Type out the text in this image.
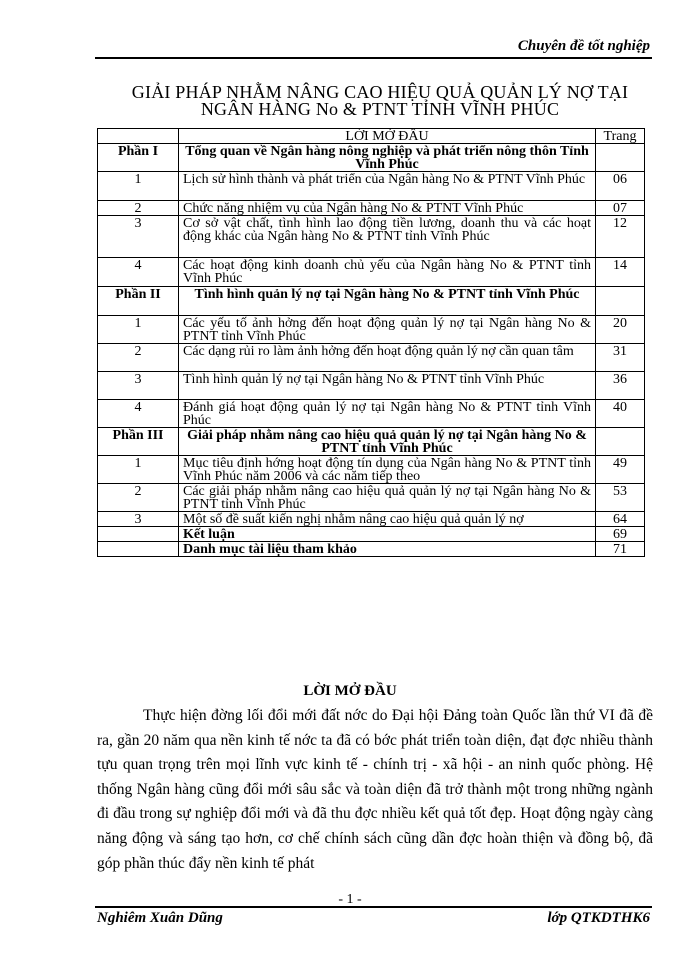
Chuyên đề tốt nghiệp
GIẢI PHÁP NHẰM NÂNG CAO HIỆU QUẢ QUẢN LÝ NỢ TẠI
NGÂN HÀNG No & PTNT TỈNH VĨNH PHÚC
	LỜI MỞ ĐẦU	Trang
Phần I	Tổng quan về Ngân hàng nông nghiệp và phát triển nông thôn Tỉnh Vĩnh Phúc	
1	Lịch sử hình thành và phát triển của Ngân hàng No & PTNT Vĩnh Phúc	06
2	Chức năng nhiệm vụ của Ngân hàng No & PTNT Vĩnh Phúc	07
3	Cơ sở vật chất, tình hình lao động tiền lương, doanh thu và các hoạt động khác của Ngân hàng No & PTNT tỉnh Vĩnh Phúc	12
4	Các hoạt động kinh doanh chủ yếu của Ngân hàng No & PTNT tỉnh Vĩnh Phúc	14
Phần II	Tình hình quản lý nợ tại Ngân hàng No & PTNT tỉnh Vĩnh Phúc	
1	Các yếu tố ảnh hởng đến hoạt động quản lý nợ tại Ngân hàng No & PTNT tỉnh Vĩnh Phúc	20
2	Các dạng rủi ro làm ảnh hởng đến hoạt động quản lý nợ cần quan tâm	31
3	Tình hình quản lý nợ tại Ngân hàng No & PTNT tỉnh Vĩnh Phúc	36
4	Đánh giá hoạt động quản lý nợ tại Ngân hàng No & PTNT tỉnh Vĩnh Phúc	40
Phần III	Giải pháp nhằm nâng cao hiệu quả quản lý nợ tại Ngân hàng No & PTNT tỉnh Vĩnh Phúc	
1	Mục tiêu định hớng hoạt động tín dụng của Ngân hàng No & PTNT tỉnh Vĩnh Phúc năm 2006 và các năm tiếp theo	49
2	Các giải pháp nhằm nâng cao hiệu quả quản lý nợ tại Ngân hàng No & PTNT tỉnh Vĩnh Phúc	53
3	Một số đề suất kiến nghị nhằm nâng cao hiệu quả quản lý nợ	64
	Kết luận	69
	Danh mục tài liệu tham khảo	71
LỜI MỞ ĐẦU

Thực hiện đờng lối đổi mới đất nớc do Đại hội Đảng toàn Quốc lần thứ VI đã đề ra, gần 20 năm qua nền kinh tế nớc ta đã có bớc phát triển toàn diện, đạt đợc nhiều thành tựu quan trọng trên mọi lĩnh vực kinh tế - chính trị - xã hội - an ninh quốc phòng. Hệ thống Ngân hàng cũng đổi mới sâu sắc và toàn diện đã trở thành một trong những ngành đi đầu trong sự nghiệp đổi mới và đã thu đợc nhiều kết quả tốt đẹp. Hoạt động ngày càng năng động và sáng tạo hơn, cơ chế chính sách cũng dần đợc hoàn thiện và đồng bộ, đã góp phần thúc đẩy nền kinh tế phát

- 1 -
Nghiêm Xuân Dũng	lớp QTKDTHK6
